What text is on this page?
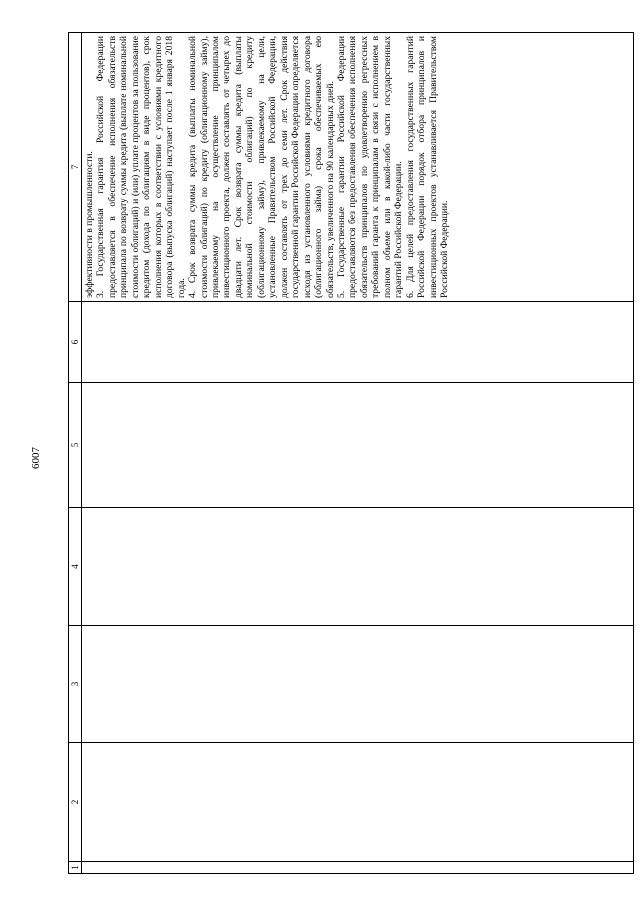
6007
1
2
3
4
5
6
7 эффективности в промышленности. 3. Государственная гарантия Российской Федерации предоставляется в обеспечение исполнения обязательств принципала по возврату суммы кредита (выплате номинальной стоимости облигаций) и (или) уплате процентов за пользование кредитом (дохода по облигациям в виде процентов), срок исполнения которых в соответствии с условиями кредитного договора (выпуска облигаций) наступает после 1 января 2018 года. 4. Срок возврата суммы кредита (выплаты номинальной стоимости облигаций) по кредиту (облигационному займу), привлекаемому на осуществление принципалом инвестиционного проекта, должен составлять от четырех до двадцати лет. Срок возврата суммы кредита (выплаты номинальной стоимости облигаций) по кредиту (облигационному займу), привлекаемому на цели, установленные Правительством Российской Федерации, должен составлять от трех до семи лет. Срок действия государственной гарантии Российской Федерации определяется исходя из установленного условиями кредитного договора (облигационного займа) срока обеспечиваемых ею обязательств, увеличенного на 90 календарных дней. 5. Государственные гарантии Российской Федерации предоставляются без предоставления обеспечения исполнения обязательств принципалов по удовлетворению регрессных требований гаранта к принципалам в связи с исполнением в полном объеме или в какой-либо части государственных гарантий Российской Федерации. 6. Для целей предоставления государственных гарантий Российской Федерации порядок отбора принципалов и инвестиционных проектов устанавливается Правительством Российской Федерации.
